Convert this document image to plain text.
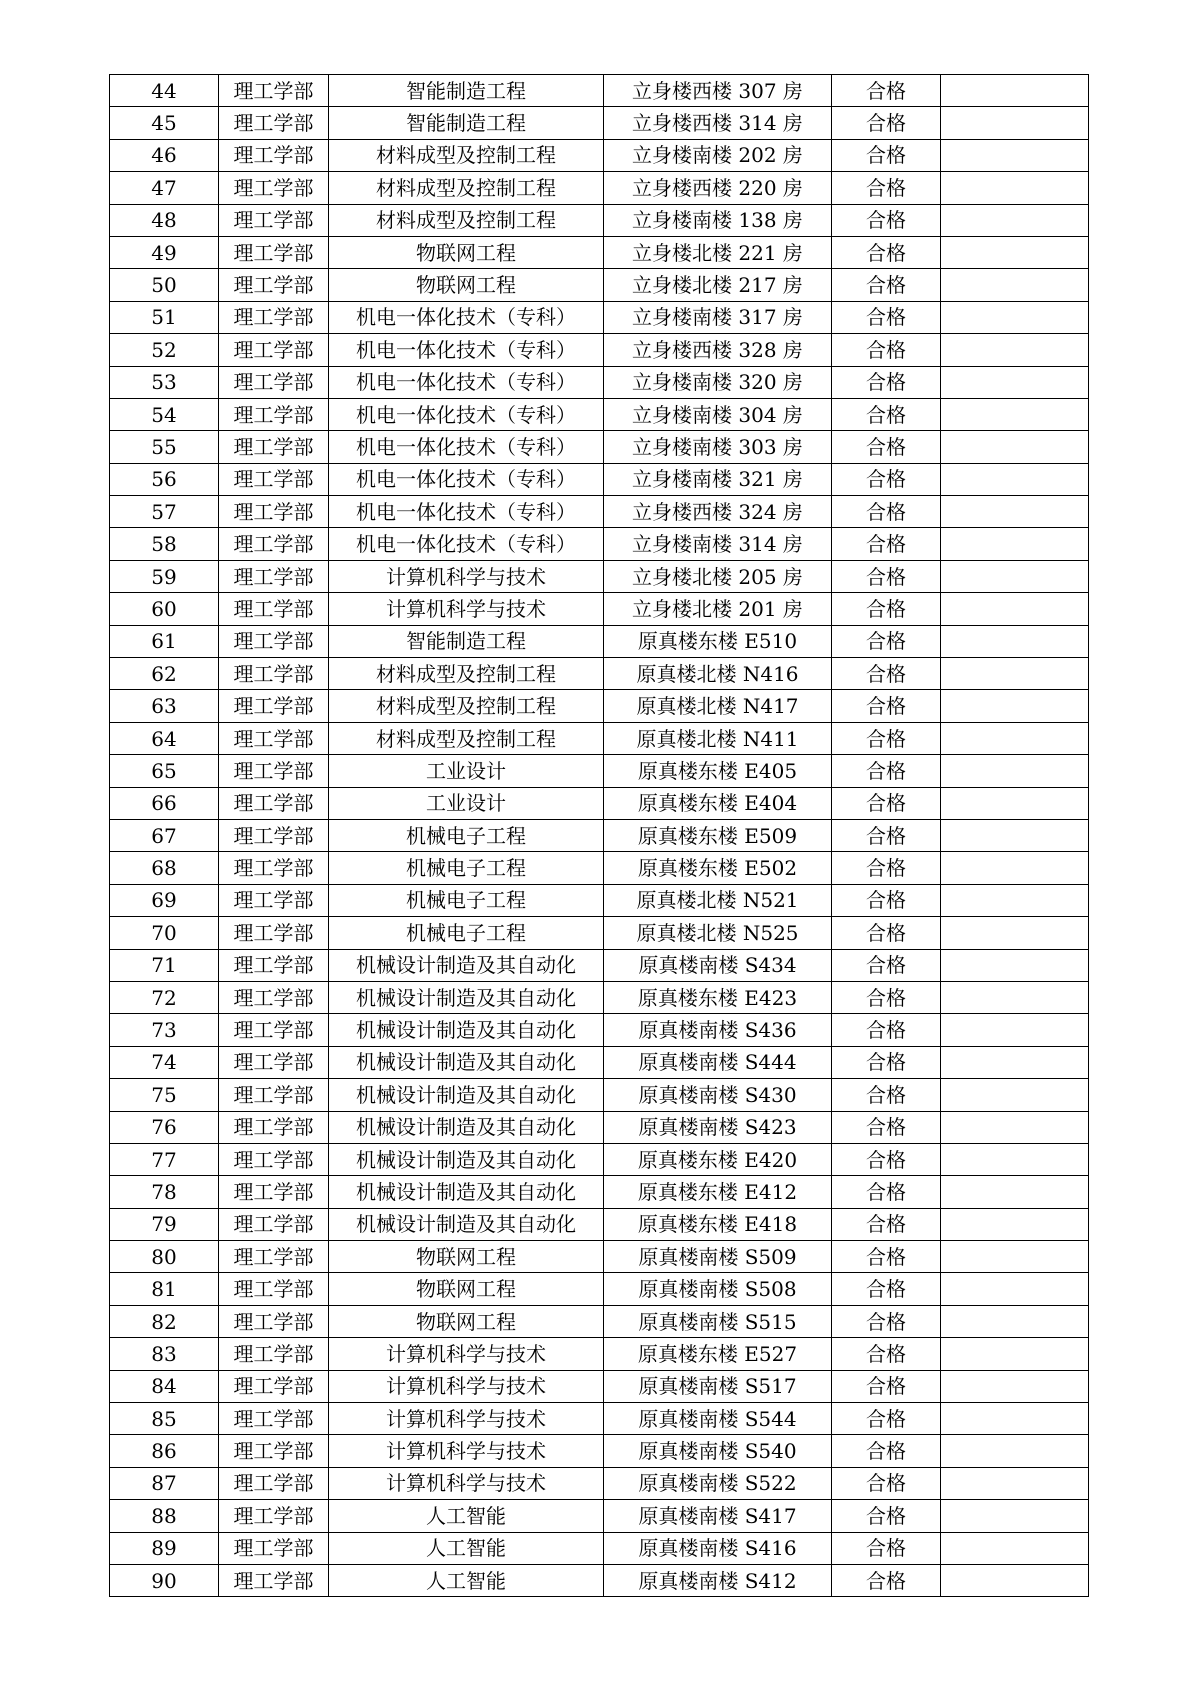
44	理工学部	智能制造工程	立身楼西楼 307 房	合格	
45	理工学部	智能制造工程	立身楼西楼 314 房	合格	
46	理工学部	材料成型及控制工程	立身楼南楼 202 房	合格	
47	理工学部	材料成型及控制工程	立身楼西楼 220 房	合格	
48	理工学部	材料成型及控制工程	立身楼南楼 138 房	合格	
49	理工学部	物联网工程	立身楼北楼 221 房	合格	
50	理工学部	物联网工程	立身楼北楼 217 房	合格	
51	理工学部	机电一体化技术（专科）	立身楼南楼 317 房	合格	
52	理工学部	机电一体化技术（专科）	立身楼西楼 328 房	合格	
53	理工学部	机电一体化技术（专科）	立身楼南楼 320 房	合格	
54	理工学部	机电一体化技术（专科）	立身楼南楼 304 房	合格	
55	理工学部	机电一体化技术（专科）	立身楼南楼 303 房	合格	
56	理工学部	机电一体化技术（专科）	立身楼南楼 321 房	合格	
57	理工学部	机电一体化技术（专科）	立身楼西楼 324 房	合格	
58	理工学部	机电一体化技术（专科）	立身楼南楼 314 房	合格	
59	理工学部	计算机科学与技术	立身楼北楼 205 房	合格	
60	理工学部	计算机科学与技术	立身楼北楼 201 房	合格	
61	理工学部	智能制造工程	原真楼东楼 E510	合格	
62	理工学部	材料成型及控制工程	原真楼北楼 N416	合格	
63	理工学部	材料成型及控制工程	原真楼北楼 N417	合格	
64	理工学部	材料成型及控制工程	原真楼北楼 N411	合格	
65	理工学部	工业设计	原真楼东楼 E405	合格	
66	理工学部	工业设计	原真楼东楼 E404	合格	
67	理工学部	机械电子工程	原真楼东楼 E509	合格	
68	理工学部	机械电子工程	原真楼东楼 E502	合格	
69	理工学部	机械电子工程	原真楼北楼 N521	合格	
70	理工学部	机械电子工程	原真楼北楼 N525	合格	
71	理工学部	机械设计制造及其自动化	原真楼南楼 S434	合格	
72	理工学部	机械设计制造及其自动化	原真楼东楼 E423	合格	
73	理工学部	机械设计制造及其自动化	原真楼南楼 S436	合格	
74	理工学部	机械设计制造及其自动化	原真楼南楼 S444	合格	
75	理工学部	机械设计制造及其自动化	原真楼南楼 S430	合格	
76	理工学部	机械设计制造及其自动化	原真楼南楼 S423	合格	
77	理工学部	机械设计制造及其自动化	原真楼东楼 E420	合格	
78	理工学部	机械设计制造及其自动化	原真楼东楼 E412	合格	
79	理工学部	机械设计制造及其自动化	原真楼东楼 E418	合格	
80	理工学部	物联网工程	原真楼南楼 S509	合格	
81	理工学部	物联网工程	原真楼南楼 S508	合格	
82	理工学部	物联网工程	原真楼南楼 S515	合格	
83	理工学部	计算机科学与技术	原真楼东楼 E527	合格	
84	理工学部	计算机科学与技术	原真楼南楼 S517	合格	
85	理工学部	计算机科学与技术	原真楼南楼 S544	合格	
86	理工学部	计算机科学与技术	原真楼南楼 S540	合格	
87	理工学部	计算机科学与技术	原真楼南楼 S522	合格	
88	理工学部	人工智能	原真楼南楼 S417	合格	
89	理工学部	人工智能	原真楼南楼 S416	合格	
90	理工学部	人工智能	原真楼南楼 S412	合格	
